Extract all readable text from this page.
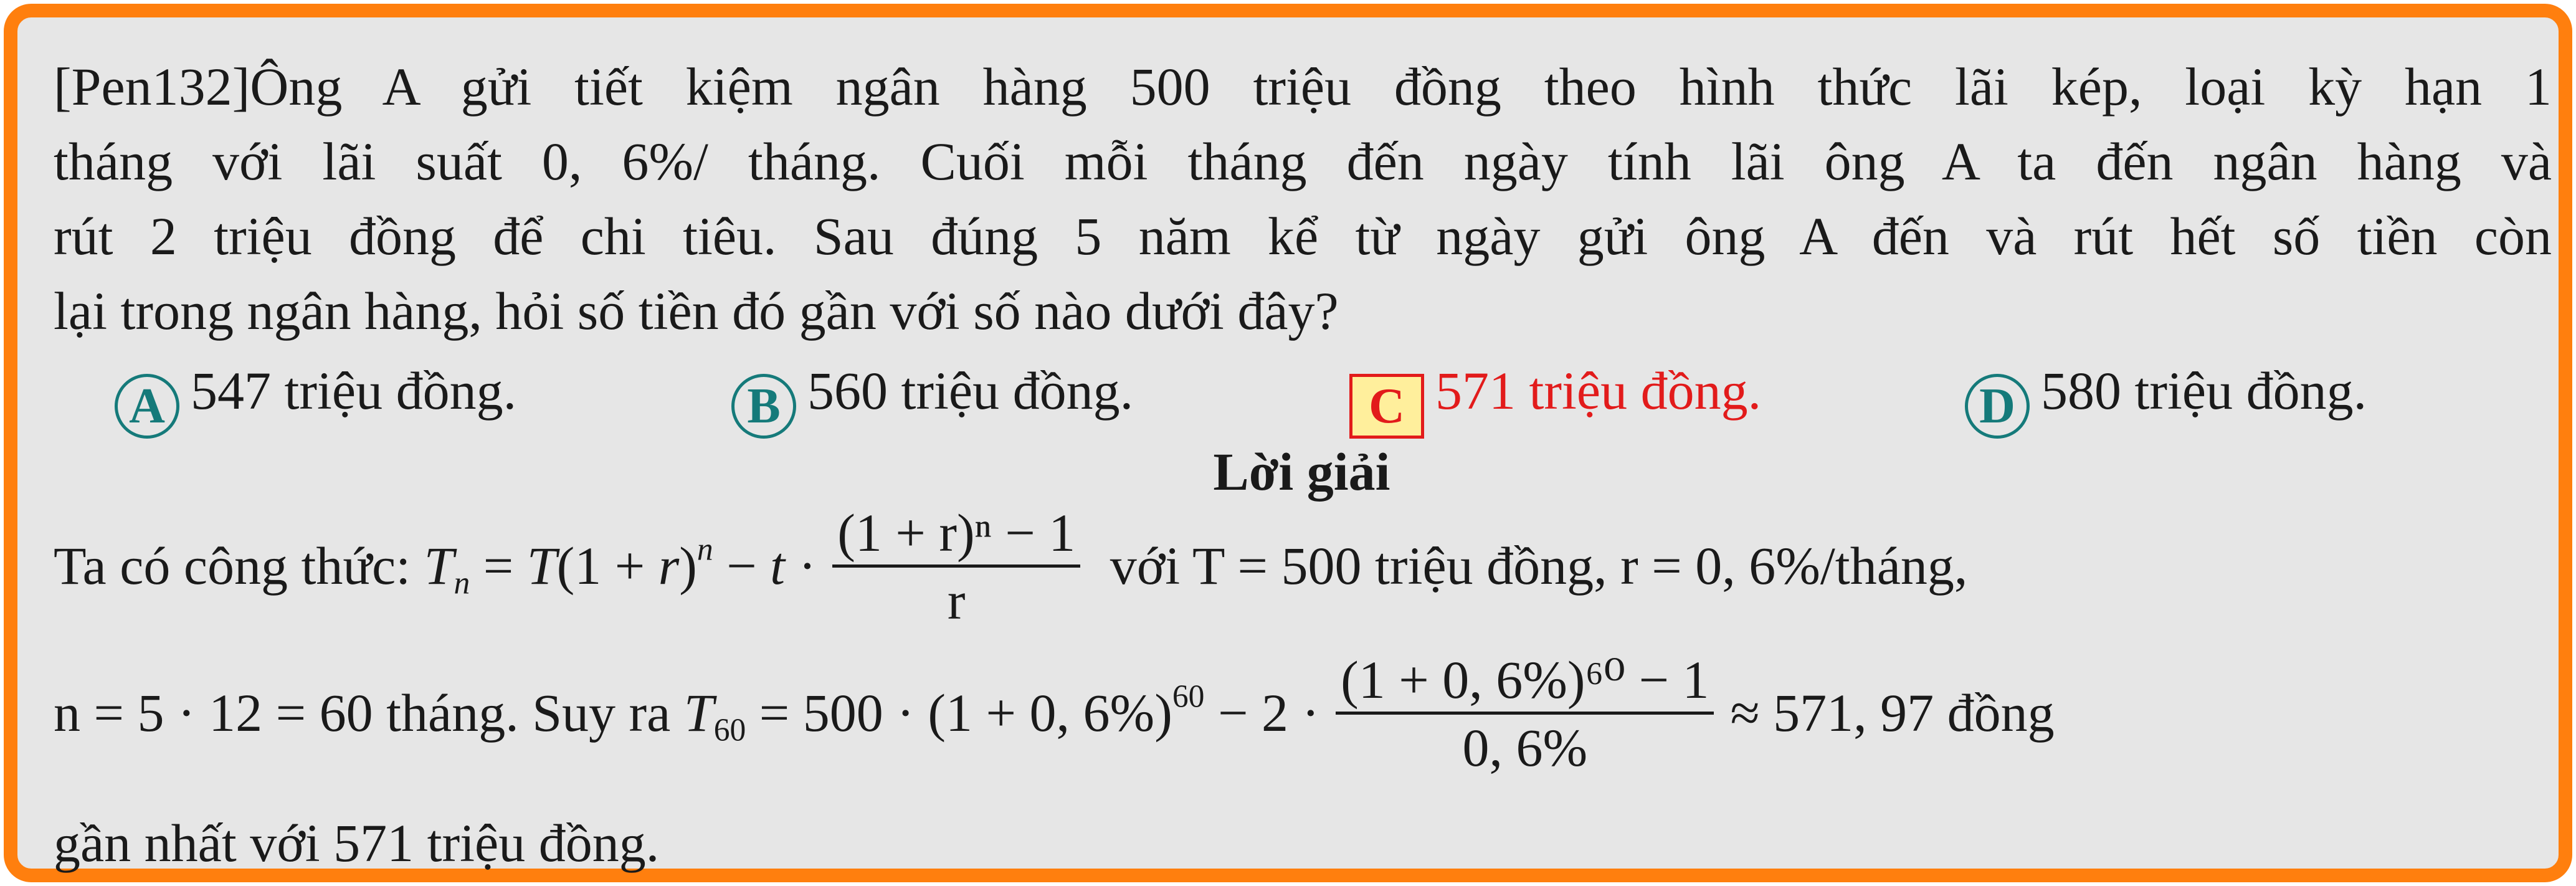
[Pen132]Ông A gửi tiết kiệm ngân hàng 500 triệu đồng theo hình thức lãi kép, loại kỳ hạn 1
tháng với lãi suất 0, 6%/ tháng. Cuối mỗi tháng đến ngày tính lãi ông A ta đến ngân hàng và
rút 2 triệu đồng để chi tiêu. Sau đúng 5 năm kể từ ngày gửi ông A đến và rút hết số tiền còn
lại trong ngân hàng, hỏi số tiền đó gần với số nào dưới đây?
A 547 triệu đồng.	B 560 triệu đồng.	C 571 triệu đồng.	D 580 triệu đồng.
Lời giải
Ta có công thức: $T_n = T(1 + r)^n - t \cdot \frac{\text{(1 + r)ⁿ − 1}}{r}$ với T = 500 triệu đồng, r = 0, 6%/tháng,
n = 5 · 12 = 60 tháng. Suy ra $T_{60} = 500 \cdot (1 + 0$, $6\%)^{60} - 2 \cdot \frac{\text{(1 + 0, 6\%)⁶⁰ − 1}}{0, 6\%} \approx 571$, 97 đồng
gần nhất với 571 triệu đồng.
